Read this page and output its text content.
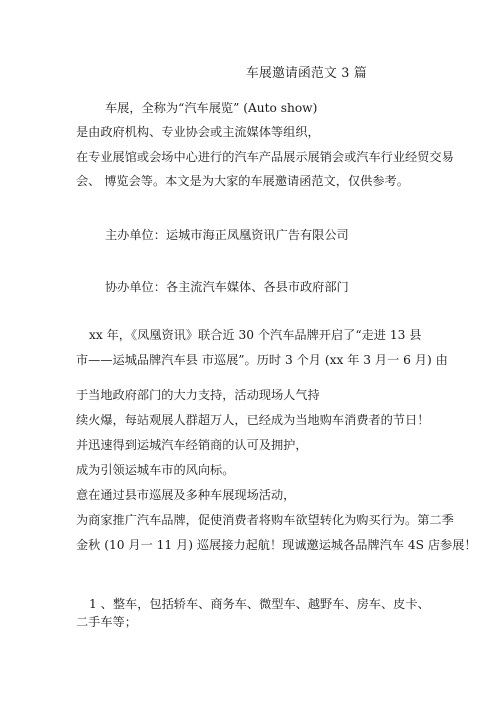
车展邀请函范文 3 篇
车展，全称为“汽车展览” (Auto show)
是由政府机构、专业协会或主流媒体等组织，
在专业展馆或会场中心进行的汽车产品展示展销会或汽车行业经贸交易
会、 博览会等。本文是为大家的车展邀请函范文，仅供参考。
主办单位：运城市海正凤凰资讯广告有限公司
协办单位：各主流汽车媒体、各县市政府部门
xx 年，《凤凰资讯》联合近 30 个汽车品牌开启了“走进 13 县
市——运城品牌汽车县 市巡展”。历时 3 个月 (xx 年 3 月一 6 月) 由
于当地政府部门的大力支持，活动现场人气持
续火爆，每站观展人群超万人，已经成为当地购车消费者的节日！
并迅速得到运城汽车经销商的认可及拥护，
成为引领运城车市的风向标。
意在通过县市巡展及多种车展现场活动，
为商家推广汽车品牌，促使消费者将购车欲望转化为购买行为。第二季
金秋 (10 月一 11 月) 巡展接力起航！现诚邀运城各品牌汽车 4S 店参展！
1 、整车，包括轿车、商务车、微型车、越野车、房车、皮卡、
二手车等；
